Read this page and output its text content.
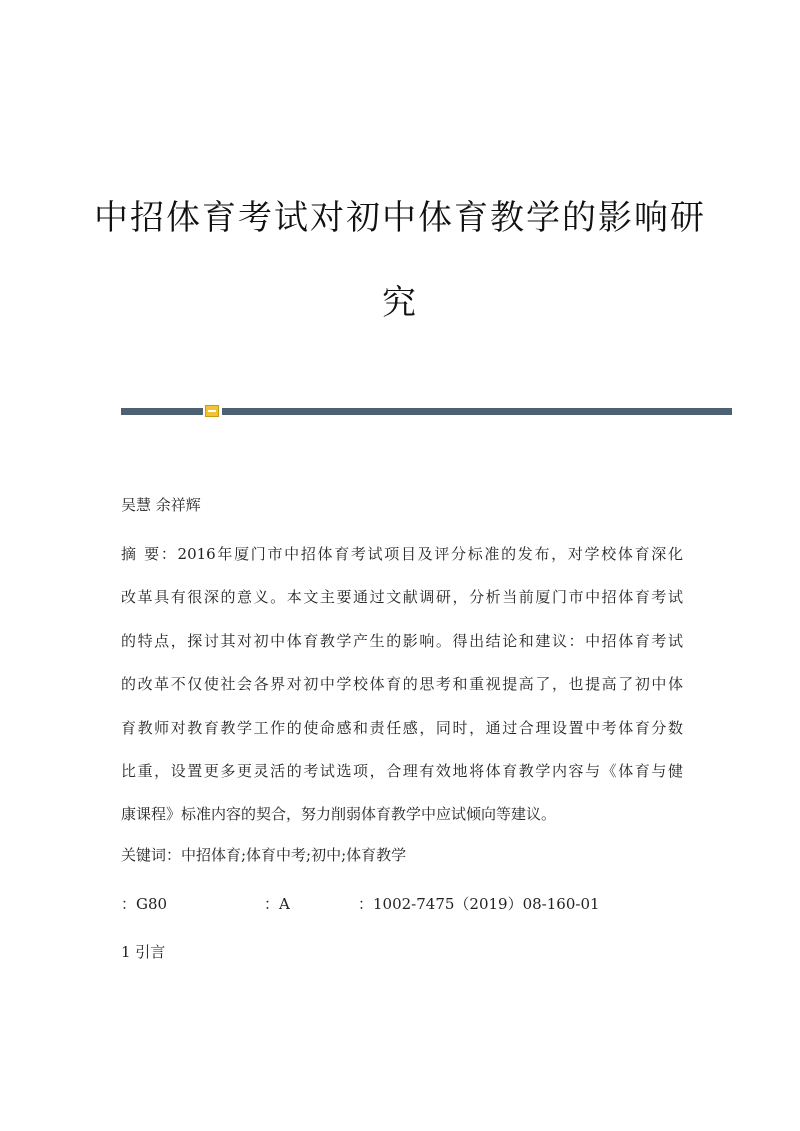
中招体育考试对初中体育教学的影响研
究
吴慧 余祥辉
摘 要：2016年厦门市中招体育考试项目及评分标准的发布，对学校体育深化
改革具有很深的意义。本文主要通过文献调研，分析当前厦门市中招体育考试
的特点，探讨其对初中体育教学产生的影响。得出结论和建议：中招体育考试
的改革不仅使社会各界对初中学校体育的思考和重视提高了，也提高了初中体
育教师对教育教学工作的使命感和责任感，同时，通过合理设置中考体育分数
比重，设置更多更灵活的考试选项，合理有效地将体育教学内容与《体育与健
康课程》标准内容的契合，努力削弱体育教学中应试倾向等建议。
关键词：中招体育;体育中考;初中;体育教学
：G80	：A	：1002-7475（2019）08-160-01
1 引言
